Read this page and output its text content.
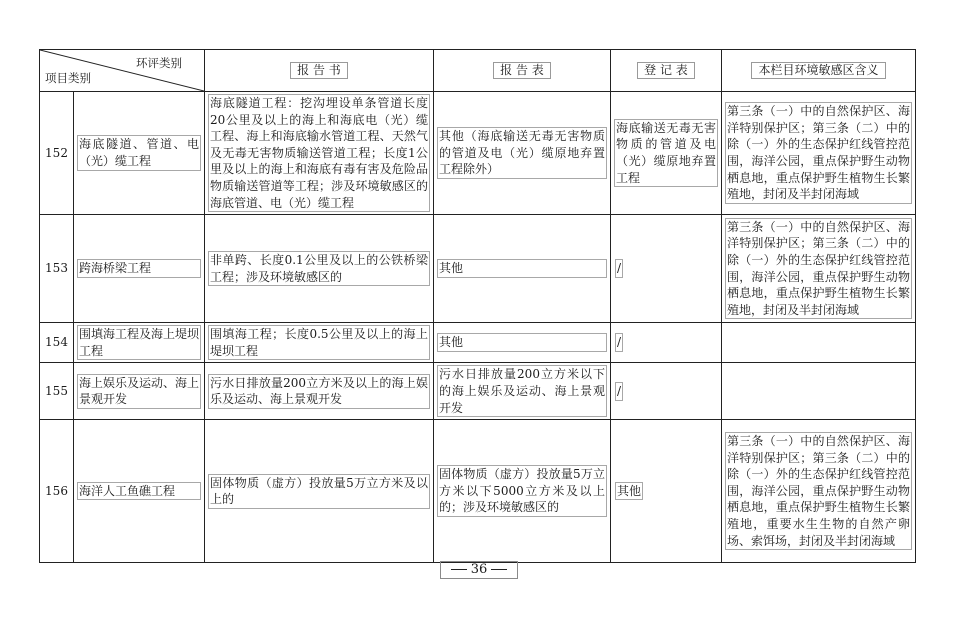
环评类别
项目类别		报 告 书	报 告 表	登 记 表	本栏目环境敏感区含义
152	海底隧道、管道、电（光）缆工程	海底隧道工程：挖沟埋设单条管道长度20公里及以上的海上和海底电（光）缆工程、海上和海底输水管道工程、天然气及无毒无害物质输送管道工程；长度1公里及以上的海上和海底有毒有害及危险品物质输送管道等工程；涉及环境敏感区的海底管道、电（光）缆工程	其他（海底输送无毒无害物质的管道及电（光）缆原地弃置工程除外）	海底输送无毒无害物质的管道及电（光）缆原地弃置工程	第三条（一）中的自然保护区、海洋特别保护区；第三条（二）中的除（一）外的生态保护红线管控范围，海洋公园，重点保护野生动物栖息地，重点保护野生植物生长繁殖地，封闭及半封闭海域

153	跨海桥梁工程	非单跨、长度0.1公里及以上的公铁桥梁工程；涉及环境敏感区的	其他	/	第三条（一）中的自然保护区、海洋特别保护区；第三条（二）中的除（一）外的生态保护红线管控范围，海洋公园，重点保护野生动物栖息地，重点保护野生植物生长繁殖地，封闭及半封闭海域

154	围填海工程及海上堤坝工程	围填海工程；长度0.5公里及以上的海上堤坝工程	其他	/	
155	海上娱乐及运动、海上景观开发	污水日排放量200立方米及以上的海上娱乐及运动、海上景观开发	污水日排放量200立方米以下的海上娱乐及运动、海上景观开发	/	
156	海洋人工鱼礁工程	固体物质（虚方）投放量5万立方米及以上的	固体物质（虚方）投放量5万立方米以下5000立方米及以上的；涉及环境敏感区的	其他	第三条（一）中的自然保护区、海洋特别保护区；第三条（二）中的除（一）外的生态保护红线管控范围，海洋公园，重点保护野生动物栖息地，重点保护野生植物生长繁殖地，重要水生生物的自然产卵场、索饵场，封闭及半封闭海域
36
